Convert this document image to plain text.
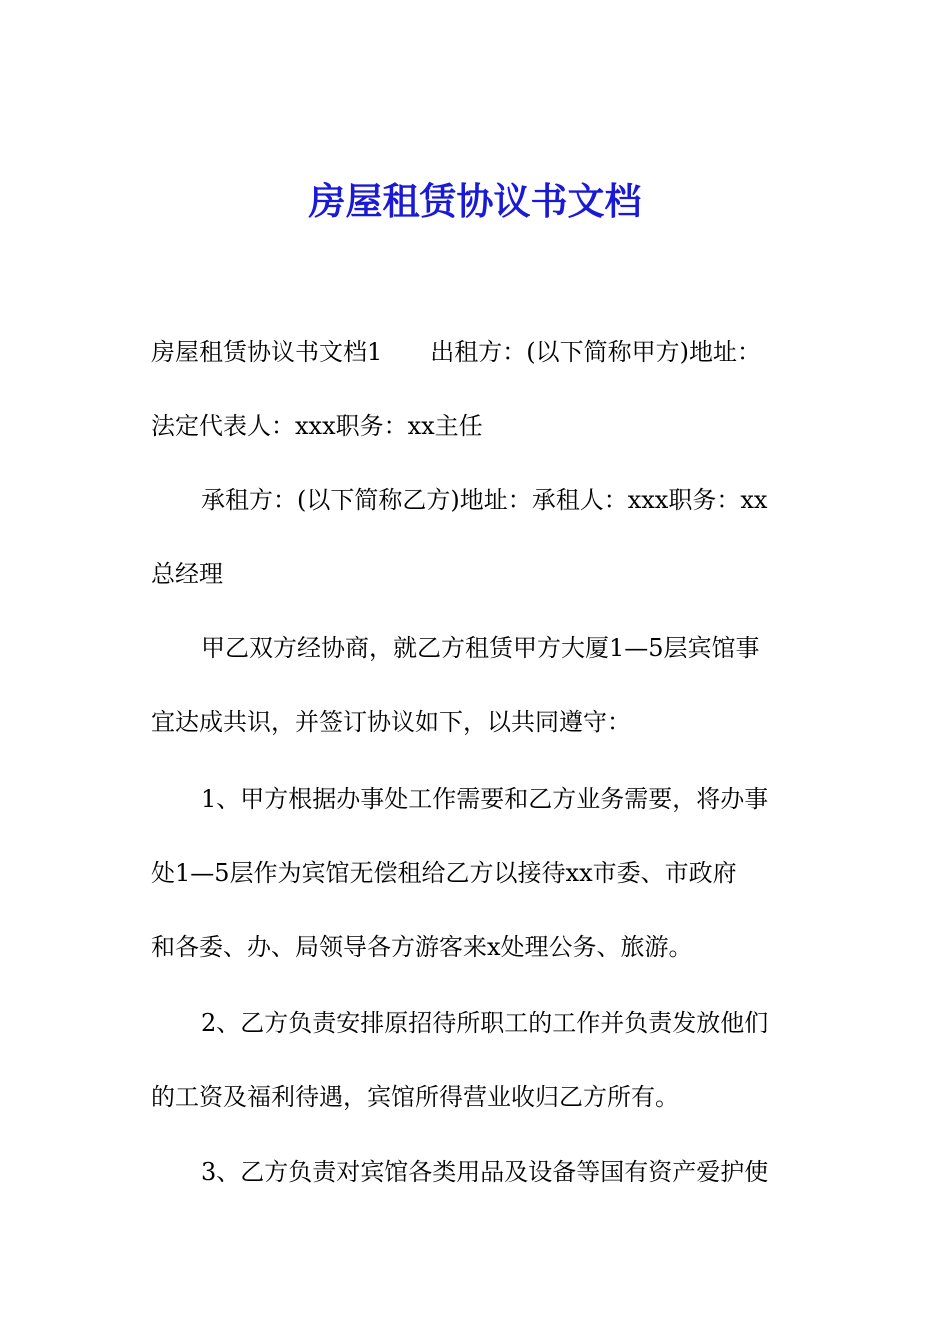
房屋租赁协议书文档
房屋租赁协议书文档1　　出租方：(以下简称甲方)地址：
法定代表人：xxx职务：xx主任
承租方：(以下简称乙方)地址：承租人：xxx职务：xx
总经理
甲乙双方经协商，就乙方租赁甲方大厦1—5层宾馆事
宜达成共识，并签订协议如下，以共同遵守：
1、甲方根据办事处工作需要和乙方业务需要，将办事
处1—5层作为宾馆无偿租给乙方以接待xx市委、市政府
和各委、办、局领导各方游客来x处理公务、旅游。
2、乙方负责安排原招待所职工的工作并负责发放他们
的工资及福利待遇，宾馆所得营业收归乙方所有。
3、乙方负责对宾馆各类用品及设备等国有资产爱护使
